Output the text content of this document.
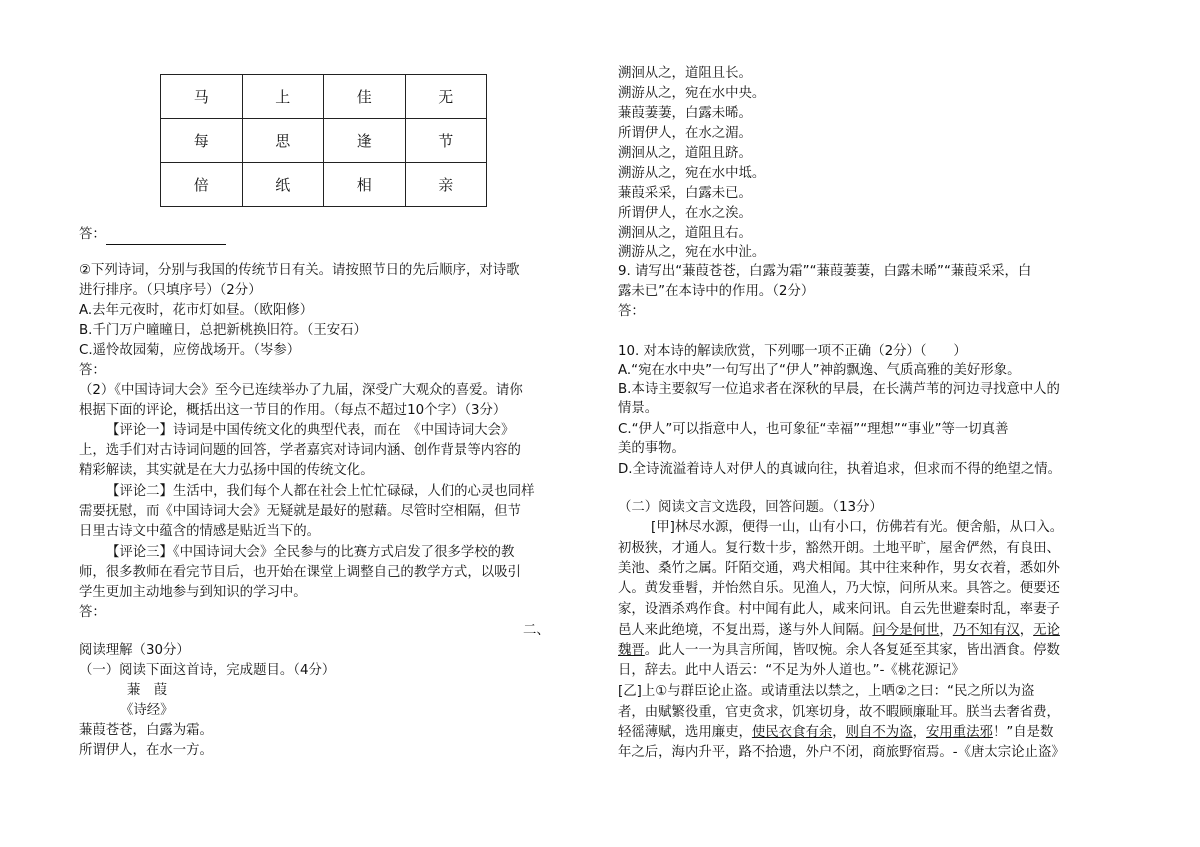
马	上	佳	无
每	思	逢	节
倍	纸	相	亲
答：
②下列诗词，分别与我国的传统节日有关。请按照节日的先后顺序，对诗歌
进行排序。（只填序号）（2分）
A.去年元夜时，花市灯如昼。（欧阳修）
B.千门万户曈曈日，总把新桃换旧符。（王安石）
C.遥怜故园菊，应傍战场开。（岑参）
答：
（2）《中国诗词大会》至今已连续举办了九届，深受广大观众的喜爱。请你
根据下面的评论，概括出这一节目的作用。（每点不超过10个字）（3分）
【评论一】诗词是中国传统文化的典型代表，而在　《中国诗词大会》
上，选手们对古诗词问题的回答，学者嘉宾对诗词内涵、创作背景等内容的
精彩解读，其实就是在大力弘扬中国的传统文化。
【评论二】生活中，我们每个人都在社会上忙忙碌碌，人们的心灵也同样
需要抚慰，而《中国诗词大会》无疑就是最好的慰藉。尽管时空相隔，但节
日里古诗文中蕴含的情感是贴近当下的。
【评论三】《中国诗词大会》全民参与的比赛方式启发了很多学校的教
师，很多教师在看完节目后，也开始在课堂上调整自己的教学方式，以吸引
学生更加主动地参与到知识的学习中。
答：
二、
阅读理解（30分）
（一）阅读下面这首诗，完成题目。（4分）
蒹　葭
《诗经》
蒹葭苍苍，白露为霜。
所谓伊人，在水一方。
溯洄从之，道阻且长。
溯游从之，宛在水中央。
蒹葭萋萋，白露未晞。
所谓伊人，在水之湄。
溯洄从之，道阻且跻。
溯游从之，宛在水中坻。
蒹葭采采，白露未已。
所谓伊人，在水之涘。
溯洄从之，道阻且右。
溯游从之，宛在水中沚。
9. 请写出“蒹葭苍苍，白露为霜”“蒹葭萋萋，白露未晞”“蒹葭采采，白
露未已”在本诗中的作用。（2分）
答：
10. 对本诗的解读欣赏，下列哪一项不正确（2分）（　　）
A.“宛在水中央”一句写出了“伊人”神韵飘逸、气质高雅的美好形象。
B.本诗主要叙写一位追求者在深秋的早晨，在长满芦苇的河边寻找意中人的
情景。
C.“伊人”可以指意中人，也可象征“幸福”“理想”“事业”等一切真善
美的事物。
D.全诗流溢着诗人对伊人的真诚向往，执着追求，但求而不得的绝望之情。
（二）阅读文言文选段，回答问题。（13分）
[甲]林尽水源，便得一山，山有小口，仿佛若有光。便舍船，从口入。
初极狭，才通人。复行数十步，豁然开朗。土地平旷，屋舍俨然，有良田、
美池、桑竹之属。阡陌交通，鸡犬相闻。其中往来种作，男女衣着，悉如外
人。黄发垂髫，并怡然自乐。见渔人，乃大惊，问所从来。具答之。便要还
家，设酒杀鸡作食。村中闻有此人，咸来问讯。自云先世避秦时乱，率妻子
邑人来此绝境，不复出焉，遂与外人间隔。问今是何世，乃不知有汉，无论
魏晋。此人一一为具言所闻，皆叹惋。余人各复延至其家，皆出酒食。停数
日，辞去。此中人语云：“不足为外人道也。”-《桃花源记》
[乙]上①与群臣论止盗。或请重法以禁之，上哂②之曰：“民之所以为盗
者，由赋繁役重，官吏贪求，饥寒切身，故不暇顾廉耻耳。朕当去奢省费，
轻徭薄赋，选用廉吏，使民衣食有余，则自不为盗，安用重法邪！”自是数
年之后，海内升平，路不拾遗，外户不闭，商旅野宿焉。-《唐太宗论止盗》
